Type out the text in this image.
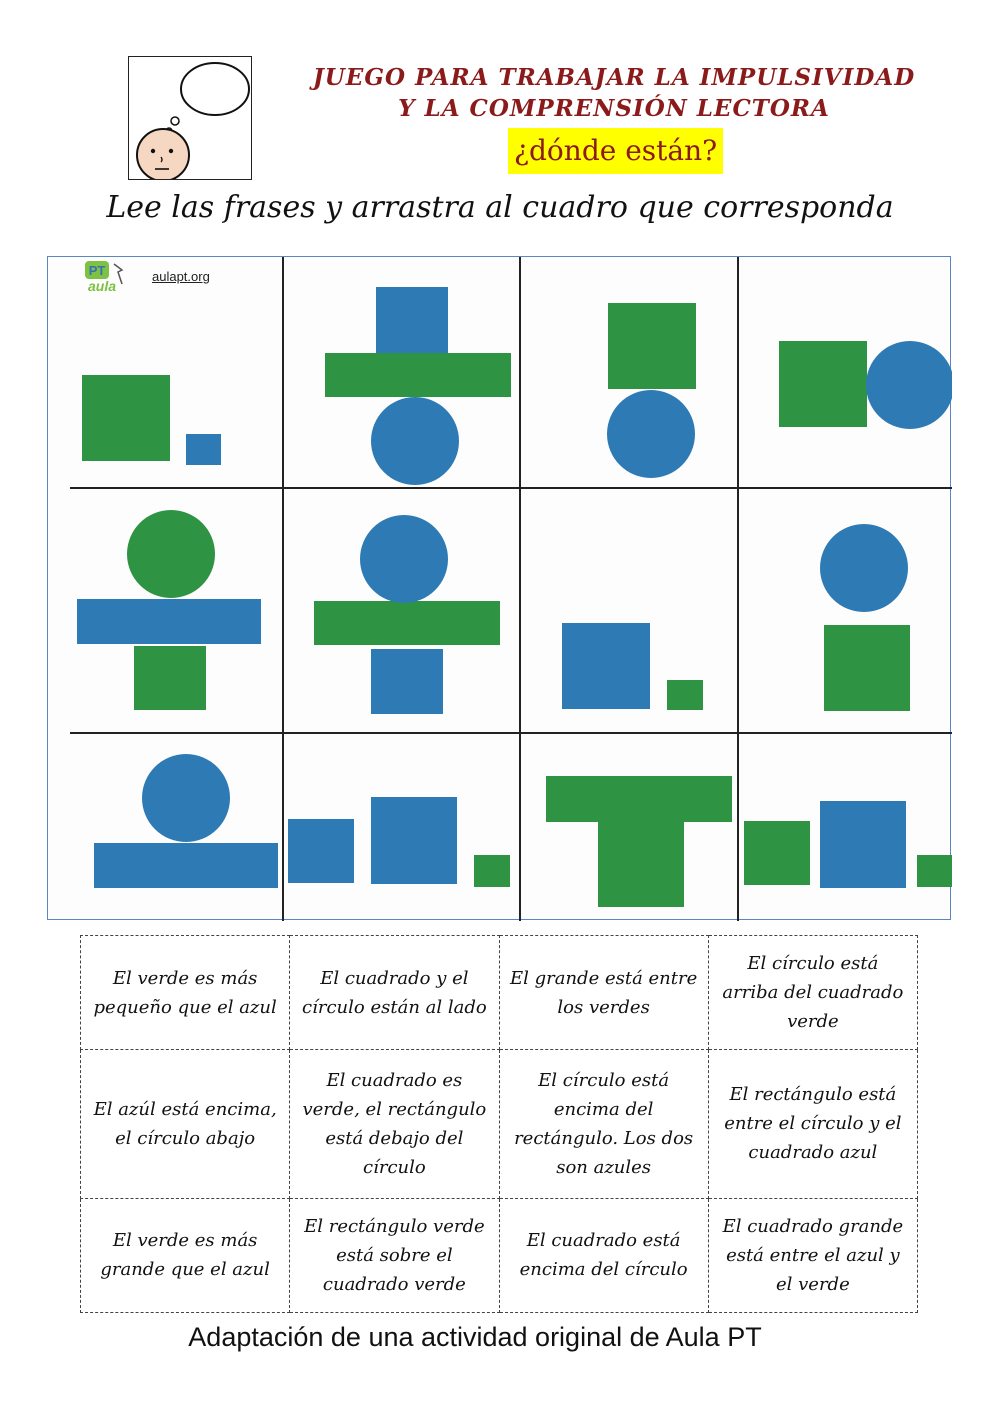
JUEGO PARA TRABAJAR LA IMPULSIVIDAD
Y LA COMPRENSIÓN LECTORA
¿dónde están?
Lee las frases y arrastra al cuadro que corresponda
PT
aula
aulapt.org
El verde es más pequeño que el azul	El cuadrado y el círculo están al lado	El grande está entre los verdes	El círculo está arriba del cuadrado verde
El azúl está encima, el círculo abajo	El cuadrado es verde, el rectángulo está debajo del círculo	El círculo está encima del rectángulo. Los dos son azules	El rectángulo está entre el círculo y el cuadrado azul
El verde es más grande que el azul	El rectángulo verde está sobre el cuadrado verde	El cuadrado está encima del círculo	El cuadrado grande está entre el azul y el verde
Adaptación de una actividad original de Aula PT
